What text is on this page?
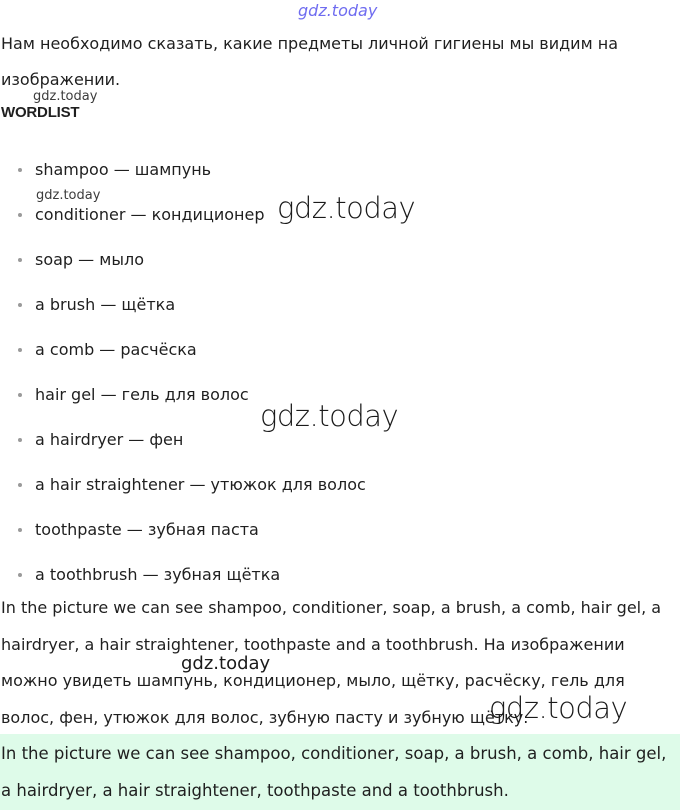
gdz.today

Нам необходимо сказать, какие предметы личной гигиены мы видим на изображении.

gdz.today
WORDLIST
shampoo — шампунь
conditioner — кондиционер
soap — мыло
a brush — щётка
a comb — расчёска
hair gel — гель для волос
a hairdryer — фен
a hair straightener — утюжок для волос
toothpaste — зубная паста
a toothbrush — зубная щётка
gdz.today	gdz.today
gdz.today

In the picture we can see shampoo, conditioner, soap, a brush, a comb, hair gel, a hairdryer, a hair straightener, toothpaste and a toothbrush. На изображении можно увидеть шампунь, кондиционер, мыло, щётку, расчёску, гель для волос, фен, утюжок для волос, зубную пасту и зубную щётку.

gdz.today
gdz.today

In the picture we can see shampoo, conditioner, soap, a brush, a comb, hair gel, a hairdryer, a hair straightener, toothpaste and a toothbrush.
